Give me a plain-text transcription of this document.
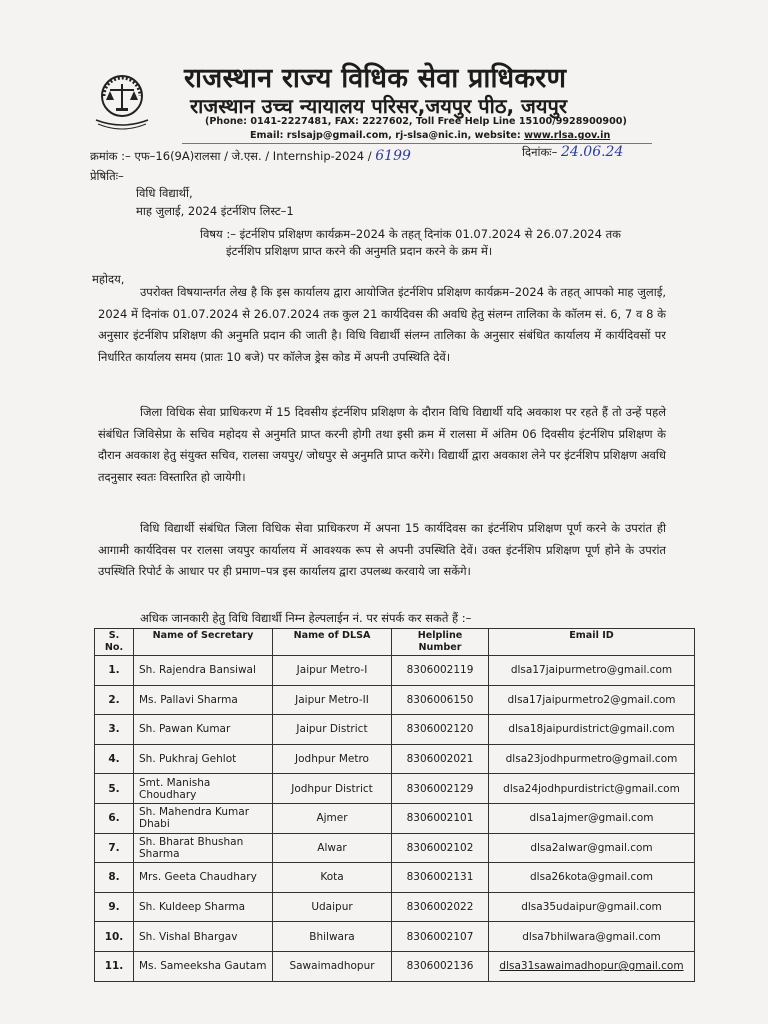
राजस्थान राज्य विधिक सेवा प्राधिकरण
राजस्थान उच्च न्यायालय परिसर,जयपुर पीठ, जयपुर
(Phone: 0141-2227481, FAX: 2227602, Toll Free Help Line 15100/9928900900)
Email: rslsajp@gmail.com, rj-slsa@nic.in, website: www.rlsa.gov.in
क्रमांक :– एफ–16(9A)रालसा / जे.एस. / Internship-2024 / 6199	दिनांकः– 24.06.24
प्रेषितिः–
विधि विद्यार्थी,
माह जुलाई, 2024 इंटर्नशिप लिस्ट–1
विषय :– इंटर्नशिप प्रशिक्षण कार्यक्रम–2024 के तहत् दिनांक 01.07.2024 से 26.07.2024 तक
इंटर्नशिप प्रशिक्षण प्राप्त करने की अनुमति प्रदान करने के क्रम में।
महोदय,
उपरोक्त विषयान्तर्गत लेख है कि इस कार्यालय द्वारा आयोजित इंटर्नशिप प्रशिक्षण कार्यक्रम–2024 के तहत् आपको माह जुलाई, 2024 में दिनांक 01.07.2024 से 26.07.2024 तक कुल 21 कार्यदिवस की अवधि हेतु संलग्न तालिका के कॉलम सं. 6, 7 व 8 के अनुसार इंटर्नशिप प्रशिक्षण की अनुमति प्रदान की जाती है। विधि विद्यार्थी संलग्न तालिका के अनुसार संबंधित कार्यालय में कार्यदिवसों पर निर्धारित कार्यालय समय (प्रातः 10 बजे) पर कॉलेज ड्रेस कोड में अपनी उपस्थिति देवें।
जिला विधिक सेवा प्राधिकरण में 15 दिवसीय इंटर्नशिप प्रशिक्षण के दौरान विधि विद्यार्थी यदि अवकाश पर रहते हैं तो उन्हें पहले संबंधित जिविसेप्रा के सचिव महोदय से अनुमति प्राप्त करनी होगी तथा इसी क्रम में रालसा में अंतिम 06 दिवसीय इंटर्नशिप प्रशिक्षण के दौरान अवकाश हेतु संयुक्त सचिव, रालसा जयपुर/ जोधपुर से अनुमति प्राप्त करेंगे। विद्यार्थी द्वारा अवकाश लेने पर इंटर्नशिप प्रशिक्षण अवधि तदनुसार स्वतः विस्तारित हो जायेगी।
विधि विद्यार्थी संबंधित जिला विधिक सेवा प्राधिकरण में अपना 15 कार्यदिवस का इंटर्नशिप प्रशिक्षण पूर्ण करने के उपरांत ही आगामी कार्यदिवस पर रालसा जयपुर कार्यालय में आवश्यक रूप से अपनी उपस्थिति देवें। उक्त इंटर्नशिप प्रशिक्षण पूर्ण होने के उपरांत उपस्थिति रिपोर्ट के आधार पर ही प्रमाण–पत्र इस कार्यालय द्वारा उपलब्ध करवाये जा सकेंगे।
अधिक जानकारी हेतु विधि विद्यार्थी निम्न हेल्पलाईन नं. पर संपर्क कर सकते हैं :–
S. No.	Name of Secretary	Name of DLSA	Helpline Number	Email ID
1.	Sh. Rajendra Bansiwal	Jaipur Metro-I	8306002119	dlsa17jaipurmetro@gmail.com
2.	Ms. Pallavi Sharma	Jaipur Metro-II	8306006150	dlsa17jaipurmetro2@gmail.com
3.	Sh. Pawan Kumar	Jaipur District	8306002120	dlsa18jaipurdistrict@gmail.com
4.	Sh. Pukhraj Gehlot	Jodhpur Metro	8306002021	dlsa23jodhpurmetro@gmail.com
5.	Smt. Manisha Choudhary	Jodhpur District	8306002129	dlsa24jodhpurdistrict@gmail.com
6.	Sh. Mahendra Kumar Dhabi	Ajmer	8306002101	dlsa1ajmer@gmail.com
7.	Sh. Bharat Bhushan Sharma	Alwar	8306002102	dlsa2alwar@gmail.com
8.	Mrs. Geeta Chaudhary	Kota	8306002131	dlsa26kota@gmail.com
9.	Sh. Kuldeep Sharma	Udaipur	8306002022	dlsa35udaipur@gmail.com
10.	Sh. Vishal Bhargav	Bhilwara	8306002107	dlsa7bhilwara@gmail.com
11.	Ms. Sameeksha Gautam	Sawaimadhopur	8306002136	dlsa31sawaimadhopur@gmail.com
